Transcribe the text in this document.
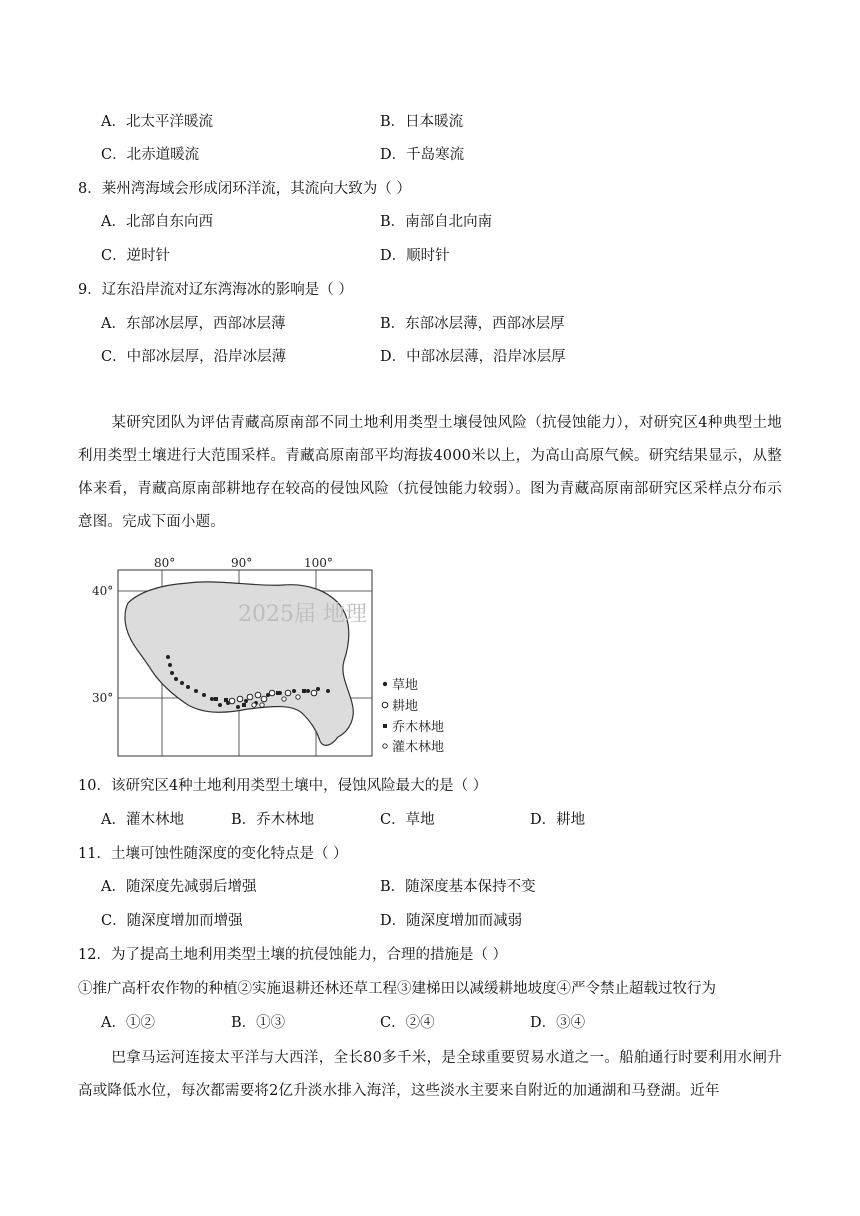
A．北太平洋暖流	B．日本暖流
C．北赤道暖流	D．千岛寒流
8．莱州湾海域会形成闭环洋流，其流向大致为（ ）
A．北部自东向西	B．南部自北向南
C．逆时针	D．顺时针
9．辽东沿岸流对辽东湾海冰的影响是（ ）
A．东部冰层厚，西部冰层薄	B．东部冰层薄，西部冰层厚
C．中部冰层厚，沿岸冰层薄	D．中部冰层薄，沿岸冰层厚

某研究团队为评估青藏高原南部不同土地利用类型土壤侵蚀风险（抗侵蚀能力），对研究区4种典型土地利用类型土壤进行大范围采样。青藏高原南部平均海拔4000米以上，为高山高原气候。研究结果显示，从整体来看，青藏高原南部耕地存在较高的侵蚀风险（抗侵蚀能力较弱）。图为青藏高原南部研究区采样点分布示意图。完成下面小题。

2025届 地理
80°	90°	100°
40°
30°
草地
耕地
乔木林地
灌木林地
10．该研究区4种土地利用类型土壤中，侵蚀风险最大的是（ ）
A．灌木林地	B．乔木林地	C．草地	D．耕地
11．土壤可蚀性随深度的变化特点是（ ）
A．随深度先减弱后增强	B．随深度基本保持不变
C．随深度增加而增强	D．随深度增加而减弱
12．为了提高土地利用类型土壤的抗侵蚀能力，合理的措施是（ ）
①推广高杆农作物的种植②实施退耕还林还草工程③建梯田以减缓耕地坡度④严令禁止超载过牧行为
A．①②	B．①③	C．②④	D．③④

巴拿马运河连接太平洋与大西洋，全长80多千米，是全球重要贸易水道之一。船舶通行时要利用水闸升高或降低水位，每次都需要将2亿升淡水排入海洋，这些淡水主要来自附近的加通湖和马登湖。近年
